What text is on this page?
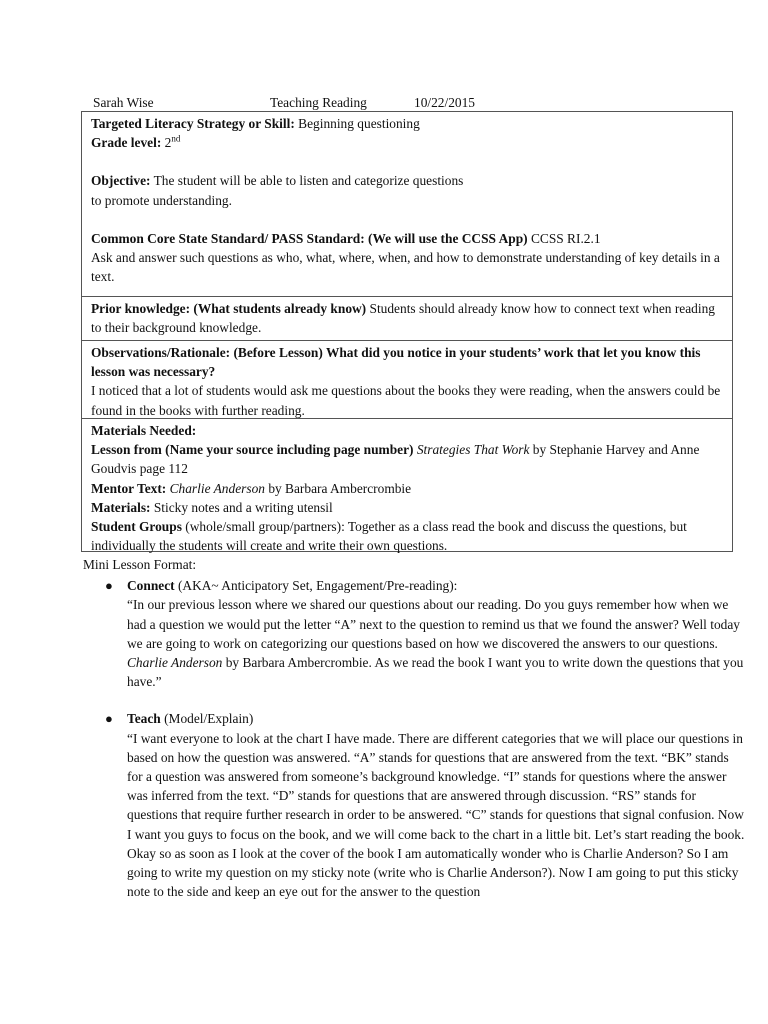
Sarah Wise	Teaching Reading	10/22/2015
Targeted Literacy Strategy or Skill: Beginning questioning
Grade level: 2nd
Objective: The student will be able to listen and categorize questions
to promote understanding.
Common Core State Standard/ PASS Standard: (We will use the CCSS App) CCSS RI.2.1
Ask and answer such questions as who, what, where, when, and how to demonstrate understanding of key details in a text.
Prior knowledge: (What students already know) Students should already know how to connect text when reading to their background knowledge.
Observations/Rationale: (Before Lesson) What did you notice in your students’ work that let you know this lesson was necessary?
I noticed that a lot of students would ask me questions about the books they were reading, when the answers could be found in the books with further reading.
Materials Needed:
Lesson from (Name your source including page number) Strategies That Work by Stephanie Harvey and Anne Goudvis page 112
Mentor Text: Charlie Anderson by Barbara Ambercrombie
Materials: Sticky notes and a writing utensil
Student Groups (whole/small group/partners): Together as a class read the book and discuss the questions, but individually the students will create and write their own questions.
Mini Lesson Format:
● Connect (AKA~ Anticipatory Set, Engagement/Pre-reading):
“In our previous lesson where we shared our questions about our reading. Do you guys remember how when we had a question we would put the letter “A” next to the question to remind us that we found the answer? Well today we are going to work on categorizing our questions based on how we discovered the answers to our questions. Charlie Anderson by Barbara Ambercrombie. As we read the book I want you to write down the questions that you have.”
● Teach (Model/Explain)
“I want everyone to look at the chart I have made. There are different categories that we will place our questions in based on how the question was answered. “A” stands for questions that are answered from the text. “BK” stands for a question was answered from someone’s background knowledge. “I” stands for questions where the answer was inferred from the text. “D” stands for questions that are answered through discussion. “RS” stands for questions that require further research in order to be answered. “C” stands for questions that signal confusion. Now I want you guys to focus on the book, and we will come back to the chart in a little bit. Let’s start reading the book. Okay so as soon as I look at the cover of the book I am automatically wonder who is Charlie Anderson? So I am going to write my question on my sticky note (write who is Charlie Anderson?). Now I am going to put this sticky note to the side and keep an eye out for the answer to the question
